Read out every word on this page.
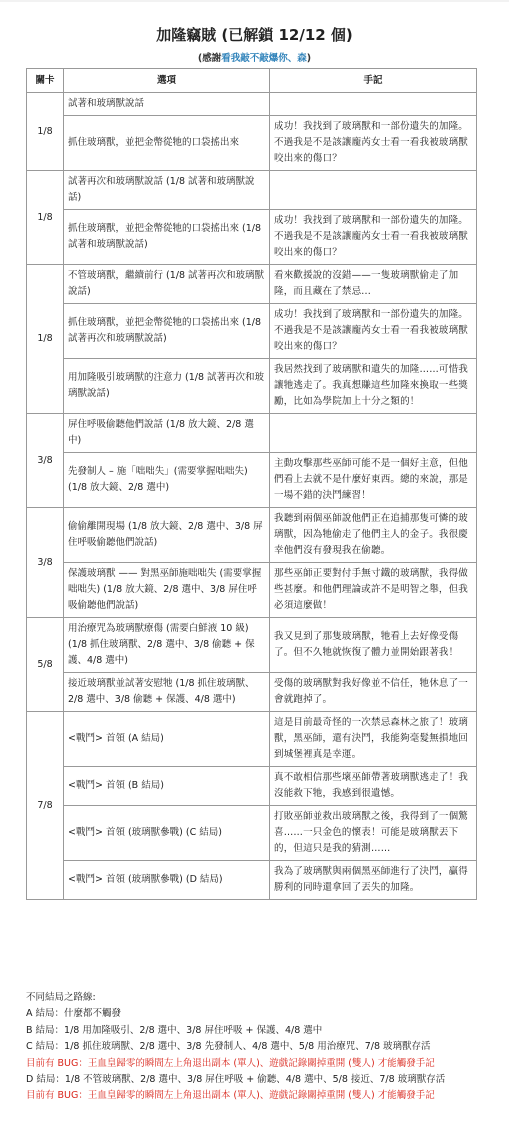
加隆竊賊 (已解鎖 12/12 個)
(感謝看我敲不敲爆你、森)
關卡	選項	手記
1/8	試著和玻璃獸說話	
	抓住玻璃獸，並把金幣從牠的口袋搖出來	成功！我找到了玻璃獸和一部份遺失的加隆。不過我是不是該讓龐芮女士看一看我被玻璃獸咬出來的傷口？
1/8	試著再次和玻璃獸說話 (1/8 試著和玻璃獸說話)	
	抓住玻璃獸，並把金幣從牠的口袋搖出來 (1/8 試著和玻璃獸說話)	成功！我找到了玻璃獸和一部份遺失的加隆。不過我是不是該讓龐芮女士看一看我被玻璃獸咬出來的傷口？
1/8	不管玻璃獸，繼續前行 (1/8 試著再次和玻璃獸說話)	看來歡援說的沒錯——一隻玻璃獸偷走了加隆，而且藏在了禁忌...
	抓住玻璃獸，並把金幣從牠的口袋搖出來 (1/8 試著再次和玻璃獸說話)	成功！我找到了玻璃獸和一部份遺失的加隆。不過我是不是該讓龐芮女士看一看我被玻璃獸咬出來的傷口？
	用加隆吸引玻璃獸的注意力 (1/8 試著再次和玻璃獸說話)	我居然找到了玻璃獸和遺失的加隆……可惜我讓牠逃走了。我真想賺這些加隆來換取一些獎勵，比如為學院加上十分之類的！
3/8	屏住呼吸偷聽他們說話 (1/8 放大鏡、2/8 選中)	
	先發制人 – 施「咄咄失」(需要掌握咄咄失) (1/8 放大鏡、2/8 選中)	主動攻擊那些巫師可能不是一個好主意，但他們看上去就不是什麼好東西。總的來說，那是一場不錯的決鬥練習！
3/8	偷偷離開現場 (1/8 放大鏡、2/8 選中、3/8 屏住呼吸偷聽他們說話)	我聽到兩個巫師說他們正在追捕那隻可憐的玻璃獸，因為牠偷走了他們主人的金子。我很慶幸他們沒有發現我在偷聽。
	保護玻璃獸 —— 對黑巫師施咄咄失 (需要掌握咄咄失) (1/8 放大鏡、2/8 選中、3/8 屏住呼吸偷聽他們說話)	那些巫師正要對付手無寸鐵的玻璃獸，我得做些甚麼。和他們理論或許不是明智之舉，但我必須這麼做！
5/8	用治療咒為玻璃獸療傷 (需要白鮮液 10 級) (1/8 抓住玻璃獸、2/8 選中、3/8 偷聽 + 保護、4/8 選中)	我又見到了那隻玻璃獸，牠看上去好像受傷了。但不久牠就恢復了體力並開始跟著我！
	接近玻璃獸並試著安慰牠 (1/8 抓住玻璃獸、2/8 選中、3/8 偷聽 + 保護、4/8 選中)	受傷的玻璃獸對我好像並不信任，牠休息了一會就跑掉了。
7/8	<戰鬥> 首領 (A 結局)	這是目前最奇怪的一次禁忌森林之旅了！玻璃獸，黑巫師，還有決鬥，我能夠毫髮無損地回到城堡裡真是幸運。
	<戰鬥> 首領 (B 結局)	真不敢相信那些壞巫師帶著玻璃獸逃走了！我沒能救下牠，我感到很遺憾。
	<戰鬥> 首領 (玻璃獸參戰) (C 結局)	打敗巫師並救出玻璃獸之後，我得到了一個驚喜……一只金色的懷表！可能是玻璃獸丟下的，但這只是我的猜測……
	<戰鬥> 首領 (玻璃獸參戰) (D 結局)	我為了玻璃獸與兩個黑巫師進行了決鬥，贏得勝利的同時還拿回了丟失的加隆。
不同結局之路線:
A 結局：什麼都不觸發
B 結局：1/8 用加隆吸引、2/8 選中、3/8 屏住呼吸 + 保護、4/8 選中
C 結局：1/8 抓住玻璃獸、2/8 選中、3/8 先發制人、4/8 選中、5/8 用治療咒、7/8 玻璃獸存活
目前有 BUG：王血皇歸零的瞬間左上角退出副本 (單人)、遊戲記錄關掉重開 (雙人) 才能觸發手記
D 結局：1/8 不管玻璃獸、2/8 選中、3/8 屏住呼吸 + 偷聽、4/8 選中、5/8 接近、7/8 玻璃獸存活
目前有 BUG：王血皇歸零的瞬間左上角退出副本 (單人)、遊戲記錄關掉重開 (雙人) 才能觸發手記
